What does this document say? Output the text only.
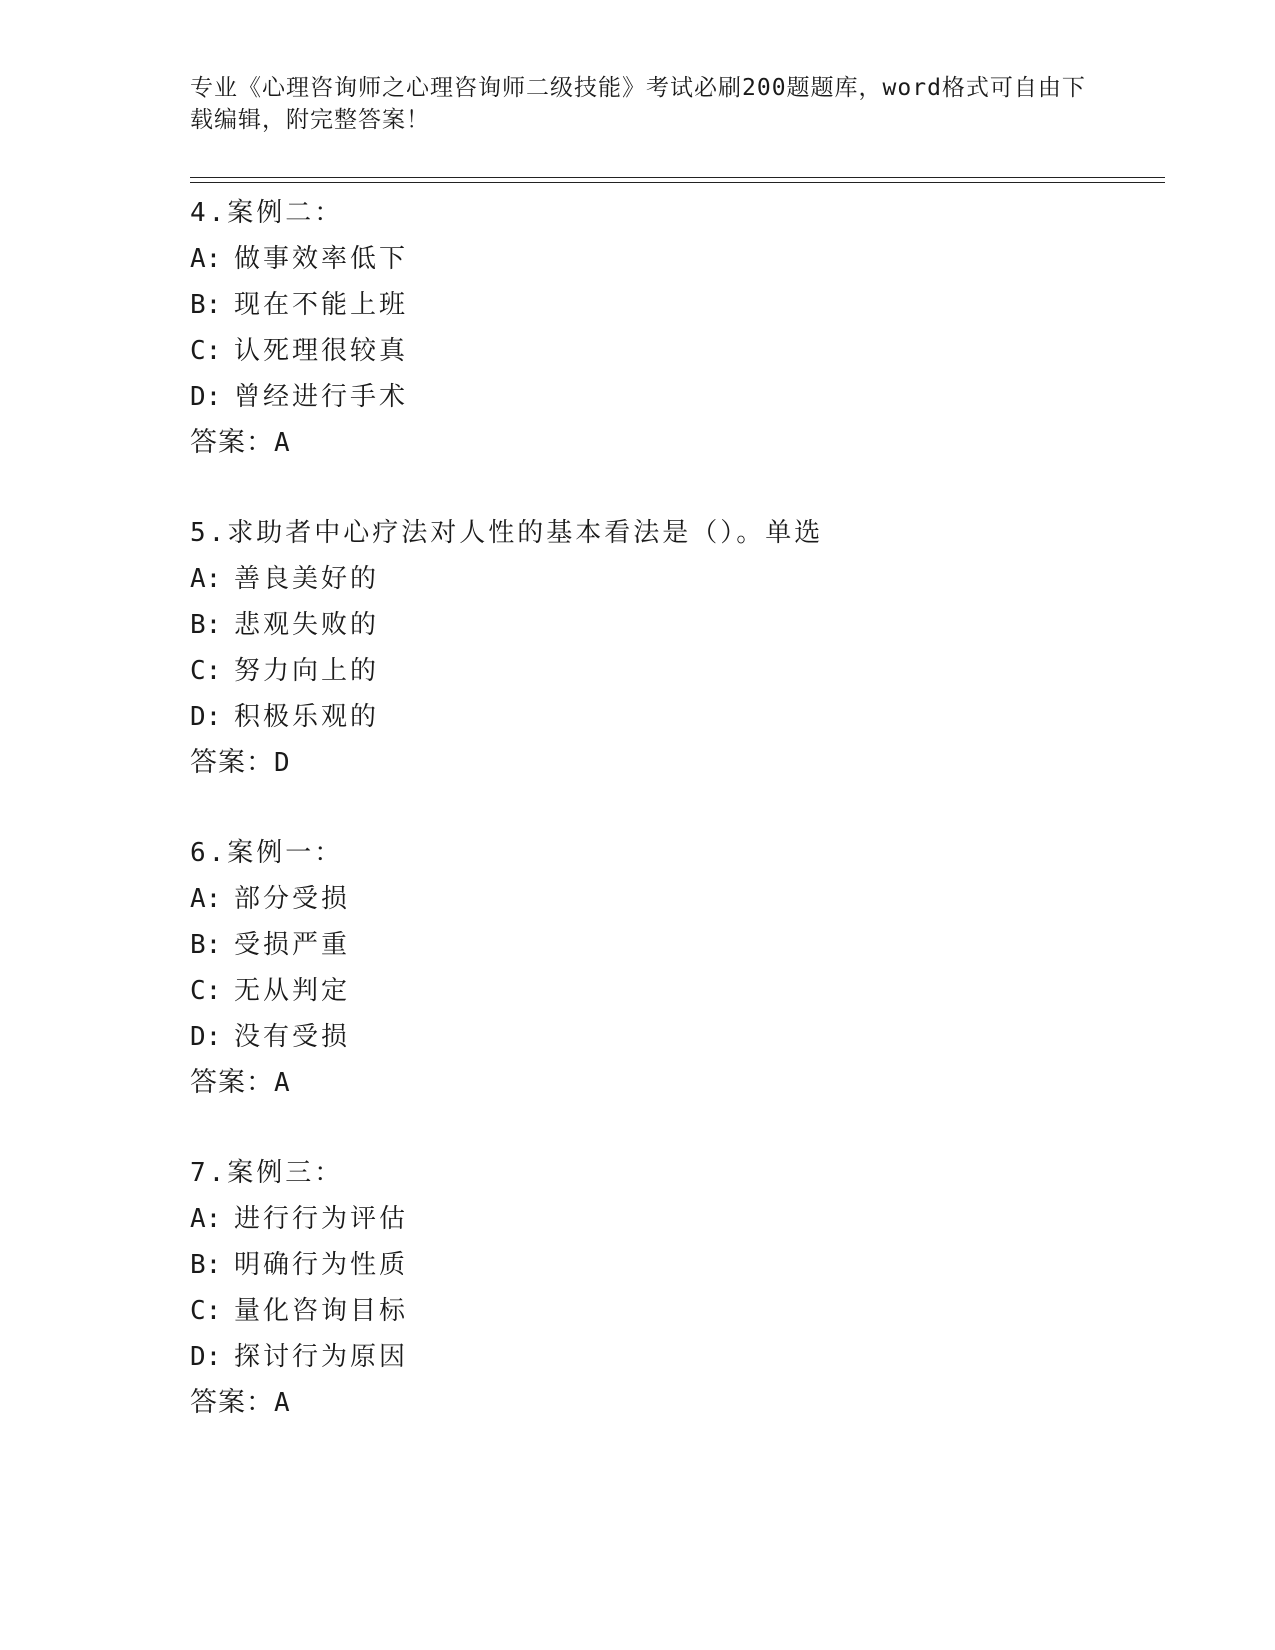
专业《心理咨询师之心理咨询师二级技能》考试必刷200题题库，word格式可自由下载编辑，附完整答案！
4.案例二：
A: 做事效率低下
B: 现在不能上班
C: 认死理很较真
D: 曾经进行手术
答案：A
5.求助者中心疗法对人性的基本看法是（）。单选
A: 善良美好的
B: 悲观失败的
C: 努力向上的
D: 积极乐观的
答案：D
6.案例一：
A: 部分受损
B: 受损严重
C: 无从判定
D: 没有受损
答案：A
7.案例三：
A: 进行行为评估
B: 明确行为性质
C: 量化咨询目标
D: 探讨行为原因
答案：A
